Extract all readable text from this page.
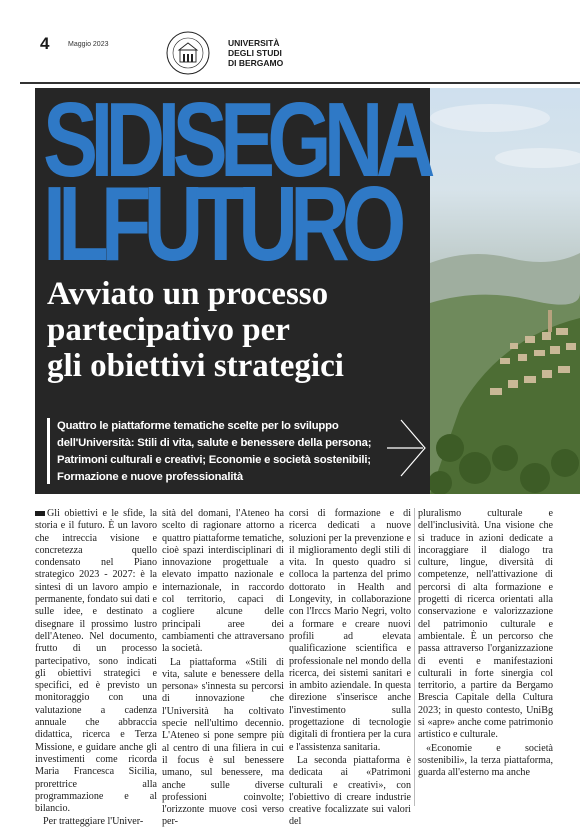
4	Maggio 2023	UNIVERSITÀ
DEGLI STUDI
DI BERGAMO
SIDISEGNA
ILFUTURO
Avviato un processo
partecipativo per
gli obiettivi strategici
Quattro le piattaforme tematiche scelte per lo sviluppo dell'Università: Stili di vita, salute e benessere della persona; Patrimoni culturali e creativi; Economie e società sostenibili; Formazione e nuove professionalità

Gli obiettivi e le sfide, la storia e il futuro. È un lavoro che intreccia visione e concretezza quello condensato nel Piano strategico 2023 - 2027: è la sintesi di un lavoro ampio e permanente, fondato sui dati e sulle idee, e destinato a disegnare il prossimo lustro dell'Ateneo. Nel documento, frutto di un processo partecipativo, sono indicati gli obiettivi strategici e specifici, ed è previsto un monitoraggio con una valutazione a cadenza annuale che abbraccia didattica, ricerca e Terza Missione, e guidare anche gli investimenti come ricorda Maria Francesca Sicilia, prorettrice alla programmazione e al bilancio.

Per tratteggiare l'Univer-

sità del domani, l'Ateneo ha scelto di ragionare attorno a quattro piattaforme tematiche, cioè spazi interdisciplinari di innovazione progettuale a elevato impatto nazionale e internazionale, in raccordo col territorio, capaci di cogliere alcune delle principali aree dei cambiamenti che attraversano la società.

La piattaforma «Stili di vita, salute e benessere della persona» s'innesta su percorsi di innovazione che l'Università ha coltivato specie nell'ultimo decennio. L'Ateneo si pone sempre più al centro di una filiera in cui il focus è sul benessere umano, sul benessere, ma anche sulle diverse professioni coinvolte; l'orizzonte muove così verso per-

corsi di formazione e di ricerca dedicati a nuove soluzioni per la prevenzione e il miglioramento degli stili di vita. In questo quadro si colloca la partenza del primo dottorato in Health and Longevity, in collaborazione con l'Irccs Mario Negri, volto a formare e creare nuovi profili ad elevata qualificazione scientifica e professionale nel mondo della ricerca, dei sistemi sanitari e in ambito aziendale. In questa direzione s'inserisce anche l'investimento sulla progettazione di tecnologie digitali di frontiera per la cura e l'assistenza sanitaria.

La seconda piattaforma è dedicata ai «Patrimoni culturali e creativi», con l'obiettivo di creare industrie creative focalizzate sui valori del

pluralismo culturale e dell'inclusività. Una visione che si traduce in azioni dedicate a incoraggiare il dialogo tra culture, lingue, diversità di competenze, nell'attivazione di percorsi di alta formazione e progetti di ricerca orientati alla conservazione e valorizzazione del patrimonio culturale e ambientale. È un percorso che passa attraverso l'organizzazione di eventi e manifestazioni culturali in forte sinergia col territorio, a partire da Bergamo Brescia Capitale della Cultura 2023; in questo contesto, UniBg si «apre» anche come patrimonio artistico e culturale.

«Economie e società sostenibili», la terza piattaforma, guarda all'esterno ma anche
